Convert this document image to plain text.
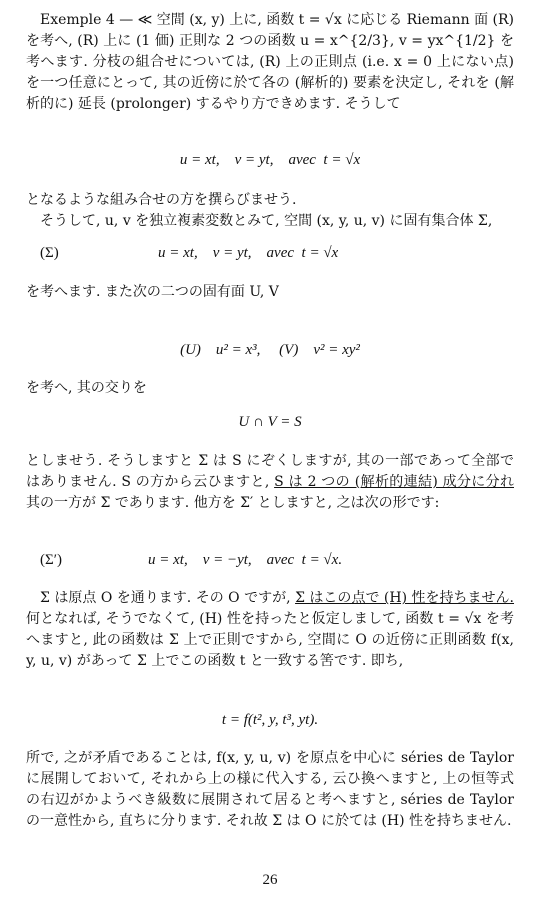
Exemple 4 — ≪ 空間 (x, y) 上に, 函数 t = √x に応じる Riemann 面 (R) を考へ, (R) 上に (1 価) 正則な 2 つの函数 u = x^{2/3}, v = yx^{1/2} を考へます. 分枝の組合せについては, (R) 上の正則点 (i.e. x = 0 上にない点) を一つ任意にとって, 其の近傍に於て各の (解析的) 要素を決定し, それを (解析的に) 延長 (prolonger) するやり方できめます. そうして

u = xt,    v = yt,    avec  t = √x

となるような組み合せの方を撰らびませう.

そうして, u, v を独立複素変数とみて, 空間 (x, y, u, v) に固有集合体 Σ,

(Σ)	u = xt,    v = yt,    avec  t = √x

を考へます. また次の二つの固有面 U, V

(U)    u² = x³,     (V)    v² = xy²

を考へ, 其の交りを

U ∩ V = S

としませう. そうしますと Σ は S にぞくしますが, 其の一部であって全部ではありません. S の方から云ひますと, S は 2 つの (解析的連結) 成分に分れ 其の一方が Σ であります. 他方を Σ′ としますと, 之は次の形です:

(Σ′)	u = xt,    v = −yt,    avec  t = √x.

Σ は原点 O を通ります. その O ですが, Σ はこの点で (H) 性を持ちません. 何となれば, そうでなくて, (H) 性を持ったと仮定しまして, 函数 t = √x を考へますと, 此の函数は Σ 上で正則ですから, 空間に O の近傍に正則函数 f(x, y, u, v) があって Σ 上でこの函数 t と一致する筈です. 即ち,

t = f(t², y, t³, yt).

所で, 之が矛盾であることは, f(x, y, u, v) を原点を中心に séries de Taylor に展開しておいて, それから上の様に代入する, 云ひ換へますと, 上の恒等式の右辺がかようべき級数に展開されて居ると考へますと, séries de Taylor の一意性から, 直ちに分ります. それ故 Σ は O に於ては (H) 性を持ちません.

26
